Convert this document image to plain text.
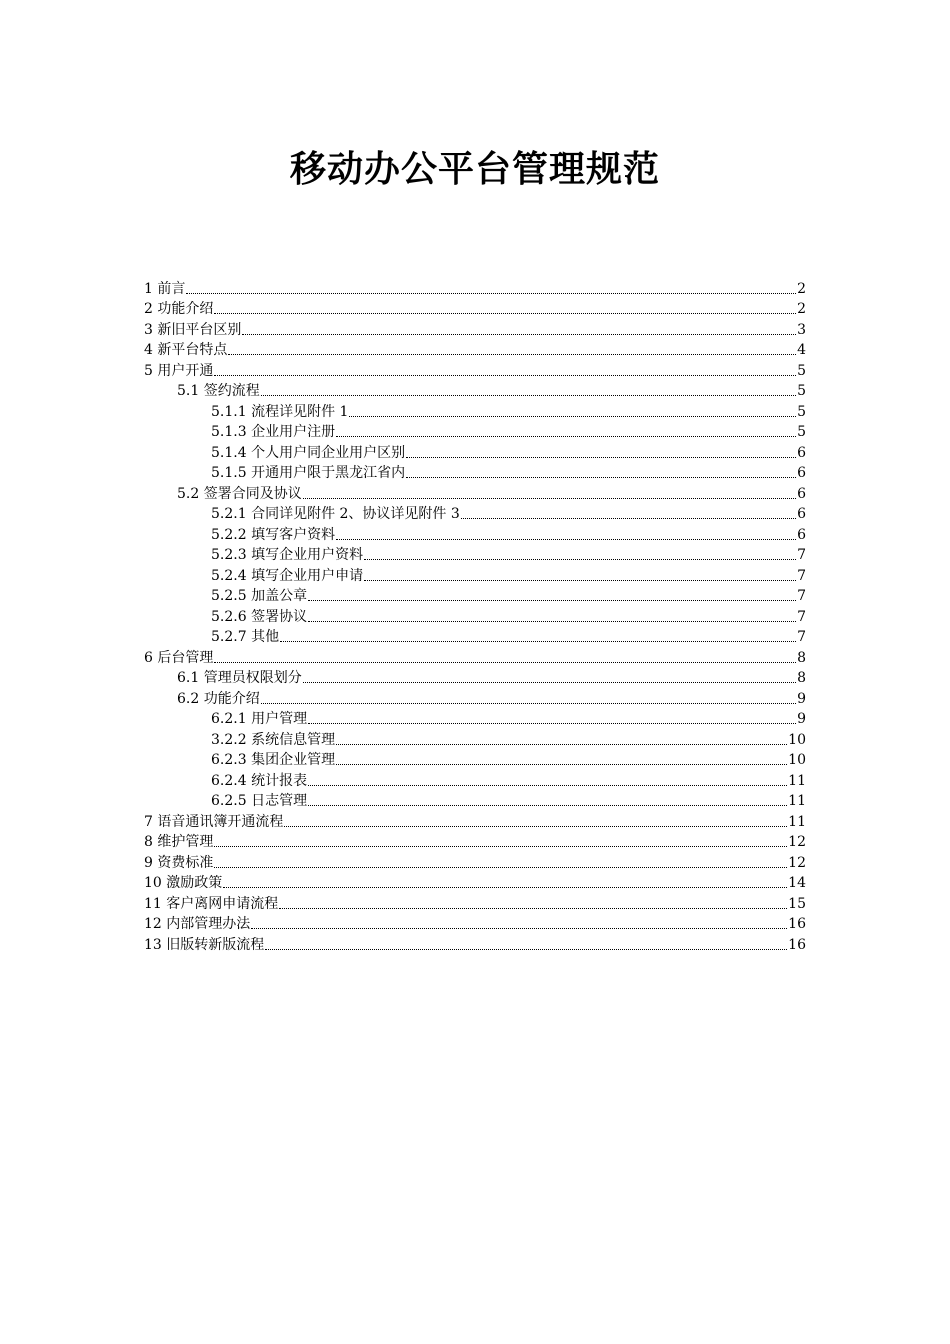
移动办公平台管理规范
1 前言	2
2 功能介绍	2
3 新旧平台区别	3
4 新平台特点	4
5 用户开通	5
5.1 签约流程	5
5.1.1 流程详见附件 1	5
5.1.3 企业用户注册	5
5.1.4 个人用户同企业用户区别	6
5.1.5 开通用户限于黑龙江省内	6
5.2 签署合同及协议	6
5.2.1 合同详见附件 2、协议详见附件 3	6
5.2.2 填写客户资料	6
5.2.3 填写企业用户资料	7
5.2.4 填写企业用户申请	7
5.2.5 加盖公章	7
5.2.6 签署协议	7
5.2.7 其他	7
6 后台管理	8
6.1 管理员权限划分	8
6.2 功能介绍	9
6.2.1 用户管理	9
3.2.2 系统信息管理	10
6.2.3 集团企业管理	10
6.2.4 统计报表	11
6.2.5 日志管理	11
7 语音通讯簿开通流程	11
8 维护管理	12
9 资费标准	12
10 激励政策	14
11 客户离网申请流程	15
12 内部管理办法	16
13 旧版转新版流程	16
